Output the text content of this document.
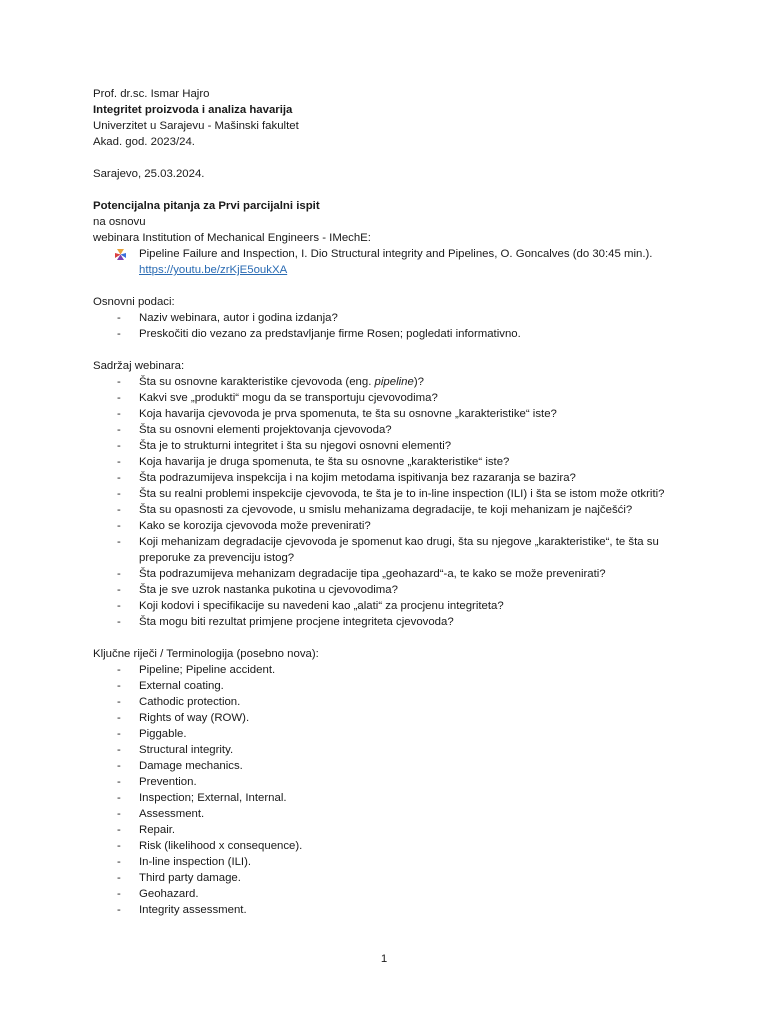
Prof. dr.sc. Ismar Hajro
Integritet proizvoda i analiza havarija
Univerzitet u Sarajevu - Mašinski fakultet
Akad. god. 2023/24.
Sarajevo, 25.03.2024.
Potencijalna pitanja za Prvi parcijalni ispit
na osnovu
webinara Institution of Mechanical Engineers - IMechE:
Pipeline Failure and Inspection, I. Dio Structural integrity and Pipelines, O. Goncalves (do 30:45 min.).
https://youtu.be/zrKjE5oukXA
Osnovni podaci:
- Naziv webinara, autor i godina izdanja?
- Preskočiti dio vezano za predstavljanje firme Rosen; pogledati informativno.
Sadržaj webinara:
- Šta su osnovne karakteristike cjevovoda (eng. pipeline)?
- Kakvi sve „produkti“ mogu da se transportuju cjevovodima?
- Koja havarija cjevovoda je prva spomenuta, te šta su osnovne „karakteristike“ iste?
- Šta su osnovni elementi projektovanja cjevovoda?
- Šta je to strukturni integritet i šta su njegovi osnovni elementi?
- Koja havarija je druga spomenuta, te šta su osnovne „karakteristike“ iste?
- Šta podrazumijeva inspekcija i na kojim metodama ispitivanja bez razaranja se bazira?
- Šta su realni problemi inspekcije cjevovoda, te šta je to in-line inspection (ILI) i šta se istom može otkriti?
- Šta su opasnosti za cjevovode, u smislu mehanizama degradacije, te koji mehanizam je najčešći?
- Kako se korozija cjevovoda može prevenirati?
- Koji mehanizam degradacije cjevovoda je spomenut kao drugi, šta su njegove „karakteristike“, te šta su preporuke za prevenciju istog?
- Šta podrazumijeva mehanizam degradacije tipa „geohazard“-a, te kako se može prevenirati?
- Šta je sve uzrok nastanka pukotina u cjevovodima?
- Koji kodovi i specifikacije su navedeni kao „alati“ za procjenu integriteta?
- Šta mogu biti rezultat primjene procjene integriteta cjevovoda?
Ključne riječi / Terminologija (posebno nova):
- Pipeline; Pipeline accident.
- External coating.
- Cathodic protection.
- Rights of way (ROW).
- Piggable.
- Structural integrity.
- Damage mechanics.
- Prevention.
- Inspection; External, Internal.
- Assessment.
- Repair.
- Risk (likelihood x consequence).
- In-line inspection (ILI).
- Third party damage.
- Geohazard.
- Integrity assessment.
1
